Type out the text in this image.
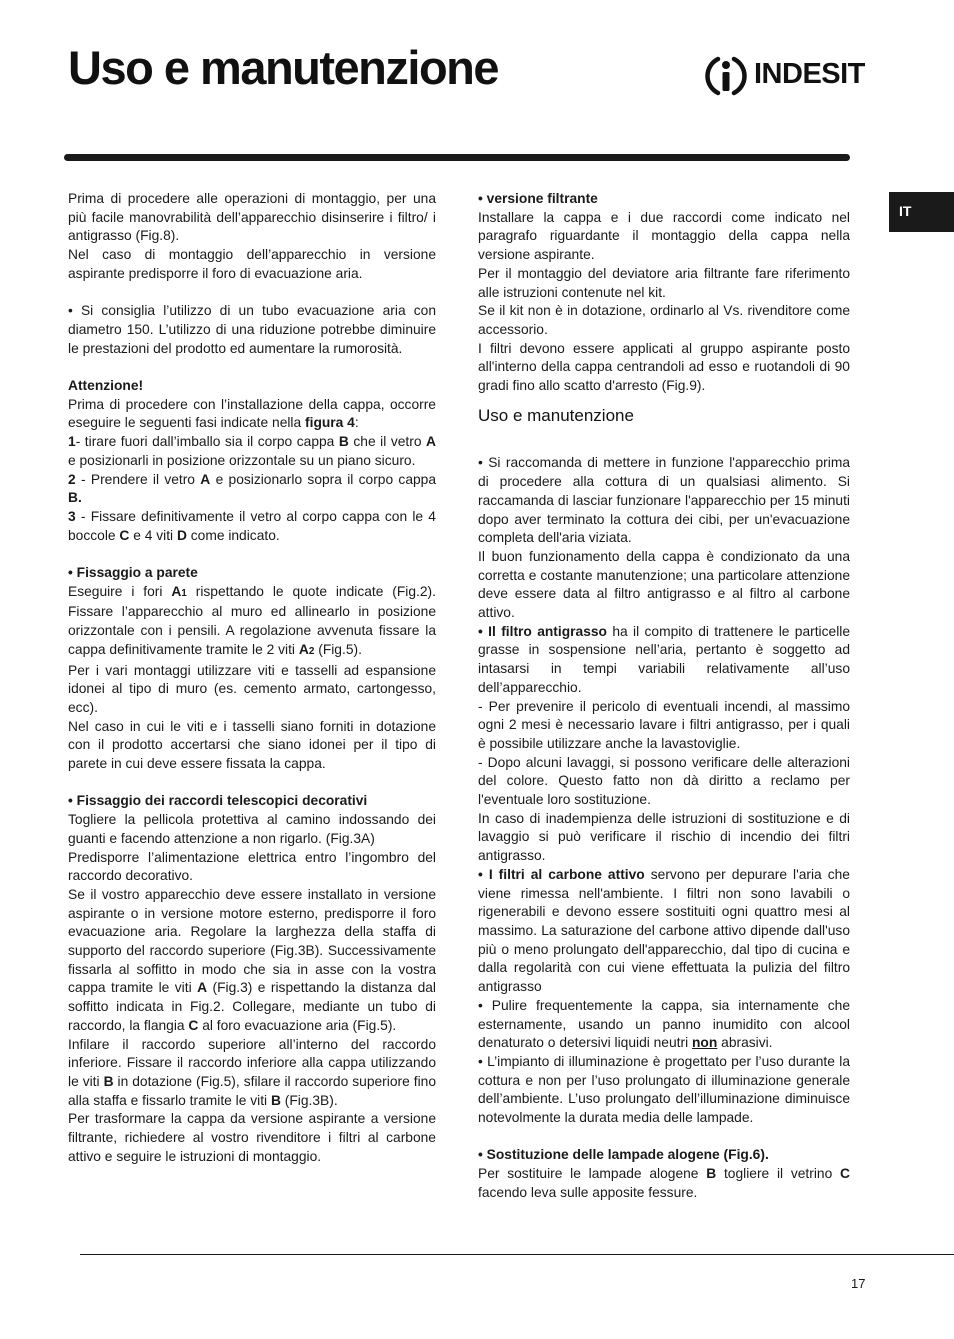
Uso e manutenzione	INDESIT
IT

Prima di procedere alle operazioni di montaggio, per una più facile manovrabilità dell’apparecchio disinserire i filtro/ i antigrasso (Fig.8).

Nel caso di montaggio dell’apparecchio in versione aspirante predisporre il foro di evacuazione aria.

• Si consiglia l’utilizzo di un tubo evacuazione aria con diametro 150. L’utilizzo di una riduzione potrebbe diminuire le prestazioni del prodotto ed aumentare la rumorosità.

Attenzione!

Prima di procedere con l’installazione della cappa, occorre eseguire le seguenti fasi indicate nella figura 4:

1- tirare fuori dall’imballo sia il corpo cappa B che il vetro A e posizionarli in posizione orizzontale su un piano sicuro.

2 - Prendere il vetro A e posizionarlo sopra il corpo cappa B.

3 - Fissare definitivamente il vetro al corpo cappa con le 4 boccole C e 4 viti D come indicato.

• Fissaggio a parete

Eseguire i fori A1 rispettando le quote indicate (Fig.2). Fissare l’apparecchio al muro ed allinearlo in posizione orizzontale con i pensili. A regolazione avvenuta fissare la cappa definitivamente tramite le 2 viti A2 (Fig.5).

Per i vari montaggi utilizzare viti e tasselli ad espansione idonei al tipo di muro (es. cemento armato, cartongesso, ecc).

Nel caso in cui le viti e i tasselli siano forniti in dotazione con il prodotto accertarsi che siano idonei per il tipo di parete in cui deve essere fissata la cappa.

• Fissaggio dei raccordi telescopici decorativi

Togliere la pellicola protettiva al camino indossando dei guanti e facendo attenzione a non rigarlo. (Fig.3A)

Predisporre l’alimentazione elettrica entro l’ingombro del raccordo decorativo.

Se il vostro apparecchio deve essere installato in versione aspirante o in versione motore esterno, predisporre il foro evacuazione aria. Regolare la larghezza della staffa di supporto del raccordo superiore (Fig.3B). Successivamente fissarla al soffitto in modo che sia in asse con la vostra cappa tramite le viti A (Fig.3) e rispettando la distanza dal soffitto indicata in Fig.2. Collegare, mediante un tubo di raccordo, la flangia C al foro evacuazione aria (Fig.5).

Infilare il raccordo superiore all’interno del raccordo inferiore. Fissare il raccordo inferiore alla cappa utilizzando le viti B in dotazione (Fig.5), sfilare il raccordo superiore fino alla staffa e fissarlo tramite le viti B (Fig.3B).

Per trasformare la cappa da versione aspirante a versione filtrante, richiedere al vostro rivenditore i filtri al carbone attivo e seguire le istruzioni di montaggio.

• versione filtrante

Installare la cappa e i due raccordi come indicato nel paragrafo riguardante il montaggio della cappa nella versione aspirante.

Per il montaggio del deviatore aria filtrante fare riferimento alle istruzioni contenute nel kit.

Se il kit non è in dotazione, ordinarlo al Vs. rivenditore come accessorio.

I filtri devono essere applicati al gruppo aspirante posto all'interno della cappa centrandoli ad esso e ruotandoli di 90 gradi fino allo scatto d'arresto (Fig.9).

Uso e manutenzione

• Si raccomanda di mettere in funzione l'apparecchio prima di procedere alla cottura di un qualsiasi alimento. Si raccamanda di lasciar funzionare l'apparecchio per 15 minuti dopo aver terminato la cottura dei cibi, per un'evacuazione completa dell'aria viziata.

Il buon funzionamento della cappa è condizionato da una corretta e costante manutenzione; una particolare attenzione deve essere data al filtro antigrasso e al filtro al carbone attivo.

• Il filtro antigrasso ha il compito di trattenere le particelle grasse in sospensione nell’aria, pertanto è soggetto ad intasarsi in tempi variabili relativamente all’uso dell’apparecchio.

- Per prevenire il pericolo di eventuali incendi, al massimo ogni 2 mesi è necessario lavare i filtri antigrasso, per i quali è possibile utilizzare anche la lavastoviglie.

- Dopo alcuni lavaggi, si possono verificare delle alterazioni del colore. Questo fatto non dà diritto a reclamo per l'eventuale loro sostituzione.

In caso di inadempienza delle istruzioni di sostituzione e di lavaggio si può verificare il rischio di incendio dei filtri antigrasso.

• I filtri al carbone attivo servono per depurare l'aria che viene rimessa nell'ambiente. I filtri non sono lavabili o rigenerabili e devono essere sostituiti ogni quattro mesi al massimo. La saturazione del carbone attivo dipende dall'uso più o meno prolungato dell'apparecchio, dal tipo di cucina e dalla regolarità con cui viene effettuata la pulizia del filtro antigrasso

• Pulire frequentemente la cappa, sia internamente che esternamente, usando un panno inumidito con alcool denaturato o detersivi liquidi neutri non abrasivi.

• L’impianto di illuminazione è progettato per l’uso durante la cottura e non per l’uso prolungato di illuminazione generale dell’ambiente. L’uso prolungato dell’illuminazione diminuisce notevolmente la durata media delle lampade.

• Sostituzione delle lampade alogene (Fig.6).

Per sostituire le lampade alogene B togliere il vetrino C facendo leva sulle apposite fessure.

17
